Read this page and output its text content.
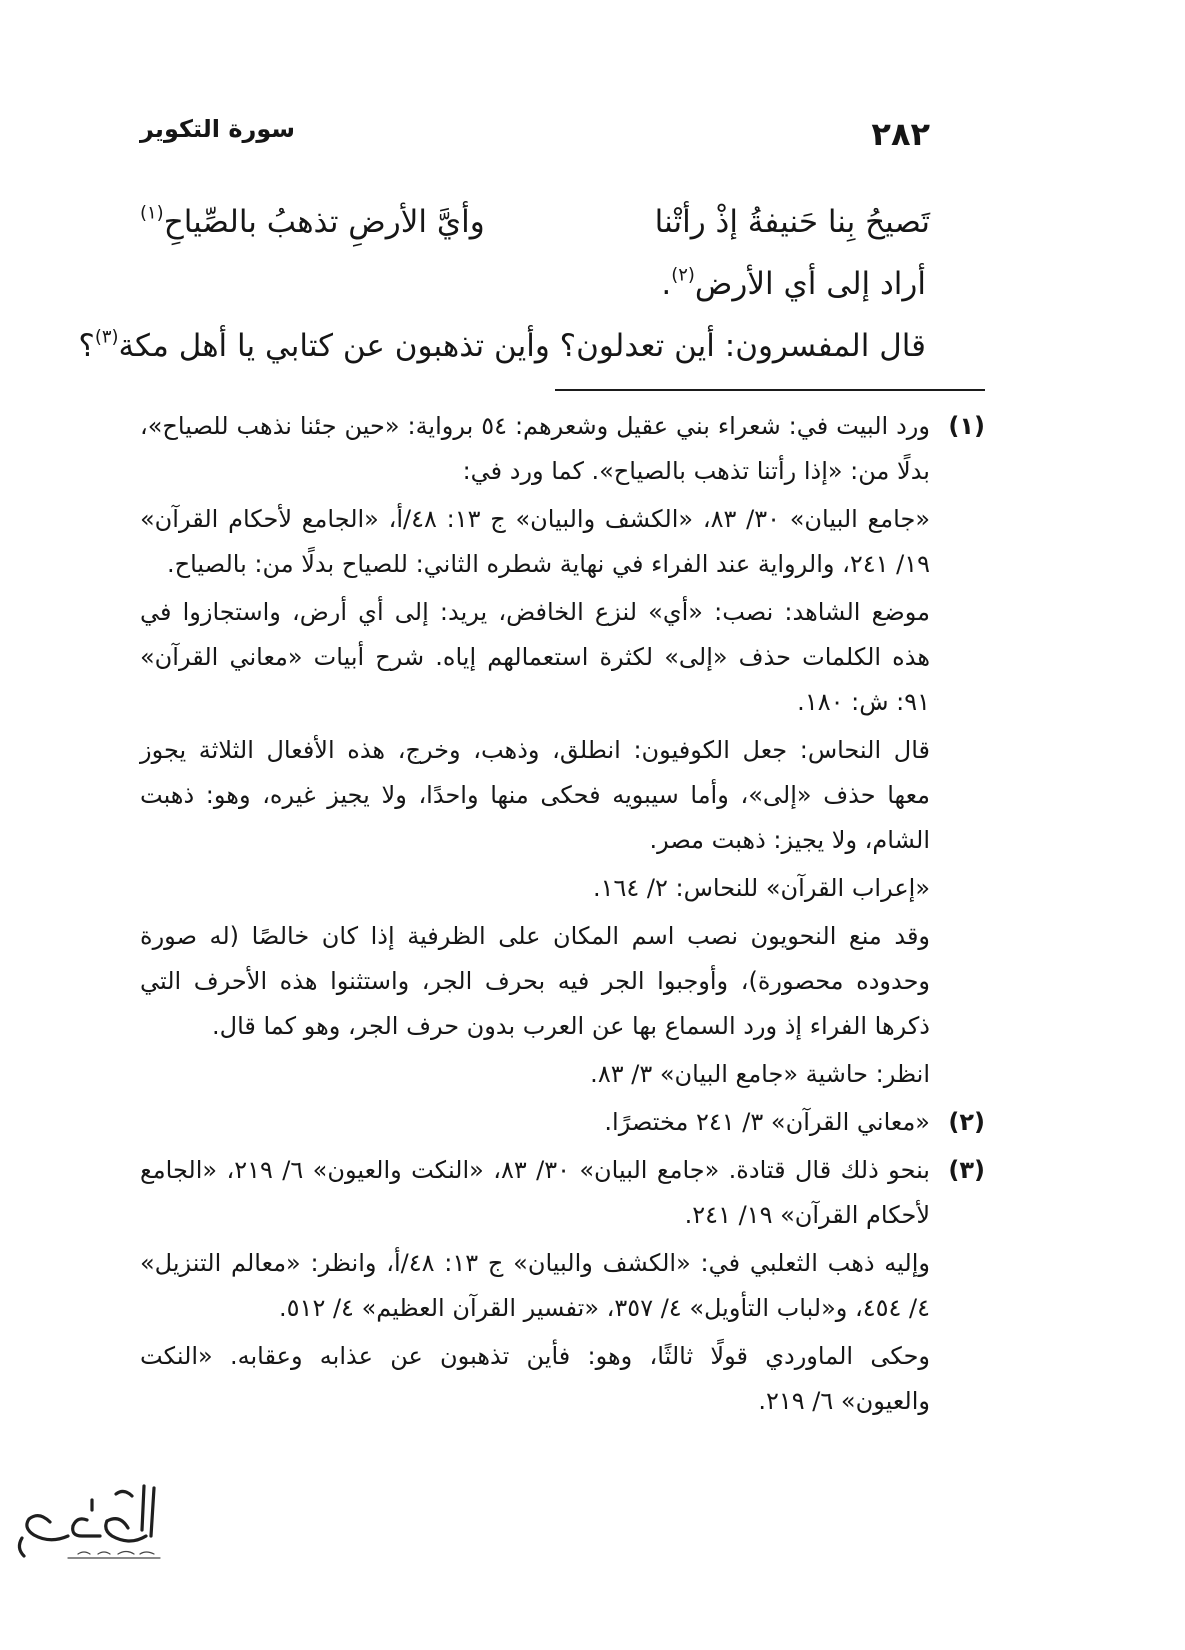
٢٨٢
سورة التكوير
تَصيحُ بِنا حَنيفةُ إذْ رأتْنا
وأيَّ الأرضِ تذهبُ بالصِّياحِ$^{(١)}$

أراد إلى أي الأرض$^{(٢)}$.

قال المفسرون: أين تعدلون؟ وأين تذهبون عن كتابي يا أهل مكة$^{(٣)}$؟

(١)

ورد البيت في: شعراء بني عقيل وشعرهم: ٥٤ برواية: «حين جئنا نذهب للصياح»، بدلًا من: «إذا رأتنا تذهب بالصياح». كما ورد في:

«جامع البيان» ٣٠/ ٨٣، «الكشف والبيان» ج ١٣: ٤٨/أ، «الجامع لأحكام القرآن» ١٩/ ٢٤١، والرواية عند الفراء في نهاية شطره الثاني: للصياح بدلًا من: بالصياح.

موضع الشاهد: نصب: «أي» لنزع الخافض، يريد: إلى أي أرض، واستجازوا في هذه الكلمات حذف «إلى» لكثرة استعمالهم إياه. شرح أبيات «معاني القرآن» ٩١: ش: ١٨٠.

قال النحاس: جعل الكوفيون: انطلق، وذهب، وخرج، هذه الأفعال الثلاثة يجوز معها حذف «إلى»، وأما سيبويه فحكى منها واحدًا، ولا يجيز غيره، وهو: ذهبت الشام، ولا يجيز: ذهبت مصر.

«إعراب القرآن» للنحاس: ٢/ ١٦٤.

وقد منع النحويون نصب اسم المكان على الظرفية إذا كان خالصًا (له صورة وحدوده محصورة)، وأوجبوا الجر فيه بحرف الجر، واستثنوا هذه الأحرف التي ذكرها الفراء إذ ورد السماع بها عن العرب بدون حرف الجر، وهو كما قال.

انظر: حاشية «جامع البيان» ٣/ ٨٣.

(٢)

«معاني القرآن» ٣/ ٢٤١ مختصرًا.

(٣)

بنحو ذلك قال قتادة. «جامع البيان» ٣٠/ ٨٣، «النكت والعيون» ٦/ ٢١٩، «الجامع لأحكام القرآن» ١٩/ ٢٤١.

وإليه ذهب الثعلبي في: «الكشف والبيان» ج ١٣: ٤٨/أ، وانظر: «معالم التنزيل» ٤/ ٤٥٤، و«لباب التأويل» ٤/ ٣٥٧، «تفسير القرآن العظيم» ٤/ ٥١٢.

وحكى الماوردي قولًا ثالثًا، وهو: فأين تذهبون عن عذابه وعقابه. «النكت والعيون» ٦/ ٢١٩.
